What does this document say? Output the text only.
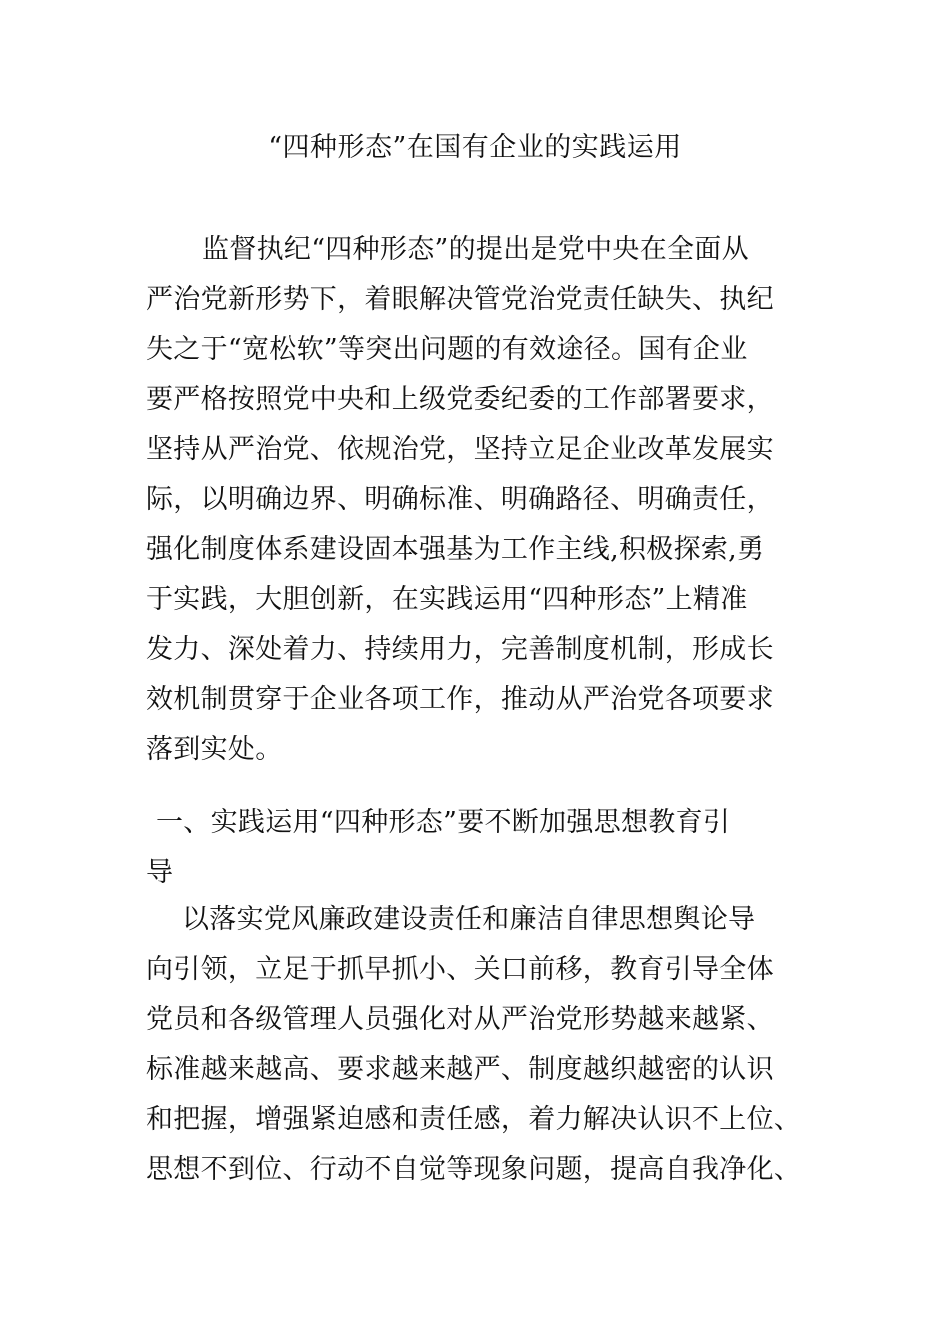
“四种形态”在国有企业的实践运用
监督执纪“四种形态”的提出是党中央在全面从
严治党新形势下，着眼解决管党治党责任缺失、执纪
失之于“宽松软”等突出问题的有效途径。国有企业
要严格按照党中央和上级党委纪委的工作部署要求，
坚持从严治党、依规治党，坚持立足企业改革发展实
际，以明确边界、明确标准、明确路径、明确责任，
强化制度体系建设固本强基为工作主线,积极探索,勇
于实践，大胆创新，在实践运用“四种形态”上精准
发力、深处着力、持续用力，完善制度机制，形成长
效机制贯穿于企业各项工作，推动从严治党各项要求
落到实处。
一、实践运用“四种形态”要不断加强思想教育引
导
以落实党风廉政建设责任和廉洁自律思想舆论导
向引领，立足于抓早抓小、关口前移，教育引导全体
党员和各级管理人员强化对从严治党形势越来越紧、
标准越来越高、要求越来越严、制度越织越密的认识
和把握，增强紧迫感和责任感，着力解决认识不上位、
思想不到位、行动不自觉等现象问题，提高自我净化、
